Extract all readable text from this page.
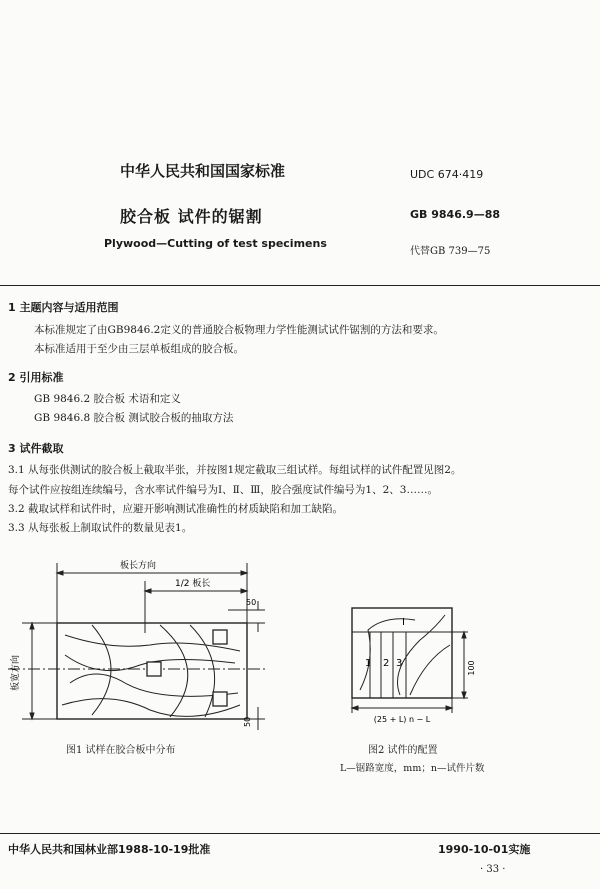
中华人民共和国国家标准	UDC 674·419
胶合板 试件的锯割	GB 9846.9—88
Plywood—Cutting of test specimens
代替GB 739—75
1 主题内容与适用范围
本标准规定了由GB9846.2定义的普通胶合板物理力学性能测试试件锯割的方法和要求。
本标准适用于至少由三层单板组成的胶合板。
2 引用标准
GB 9846.2 胶合板 术语和定义
GB 9846.8 胶合板 测试胶合板的抽取方法
3 试件截取
3.1 从每张供测试的胶合板上截取半张，并按图1规定截取三组试样。每组试样的试件配置见图2。
每个试件应按组连续编号，含水率试件编号为Ⅰ、Ⅱ、Ⅲ，胶合强度试件编号为1、2、3……。
3.2 截取试样和试件时，应避开影响测试准确性的材质缺陷和加工缺陷。
3.3 从每张板上制取试件的数量见表1。
板长方向
1/2 板长
板宽方向
50
50
图1 试样在胶合板中分布
I
1 2 3	100
(25 + L) n − L
图2 试件的配置
L—锯路宽度，mm；n—试件片数
中华人民共和国林业部1988-10-19批准	1990-10-01实施
· 33 ·
